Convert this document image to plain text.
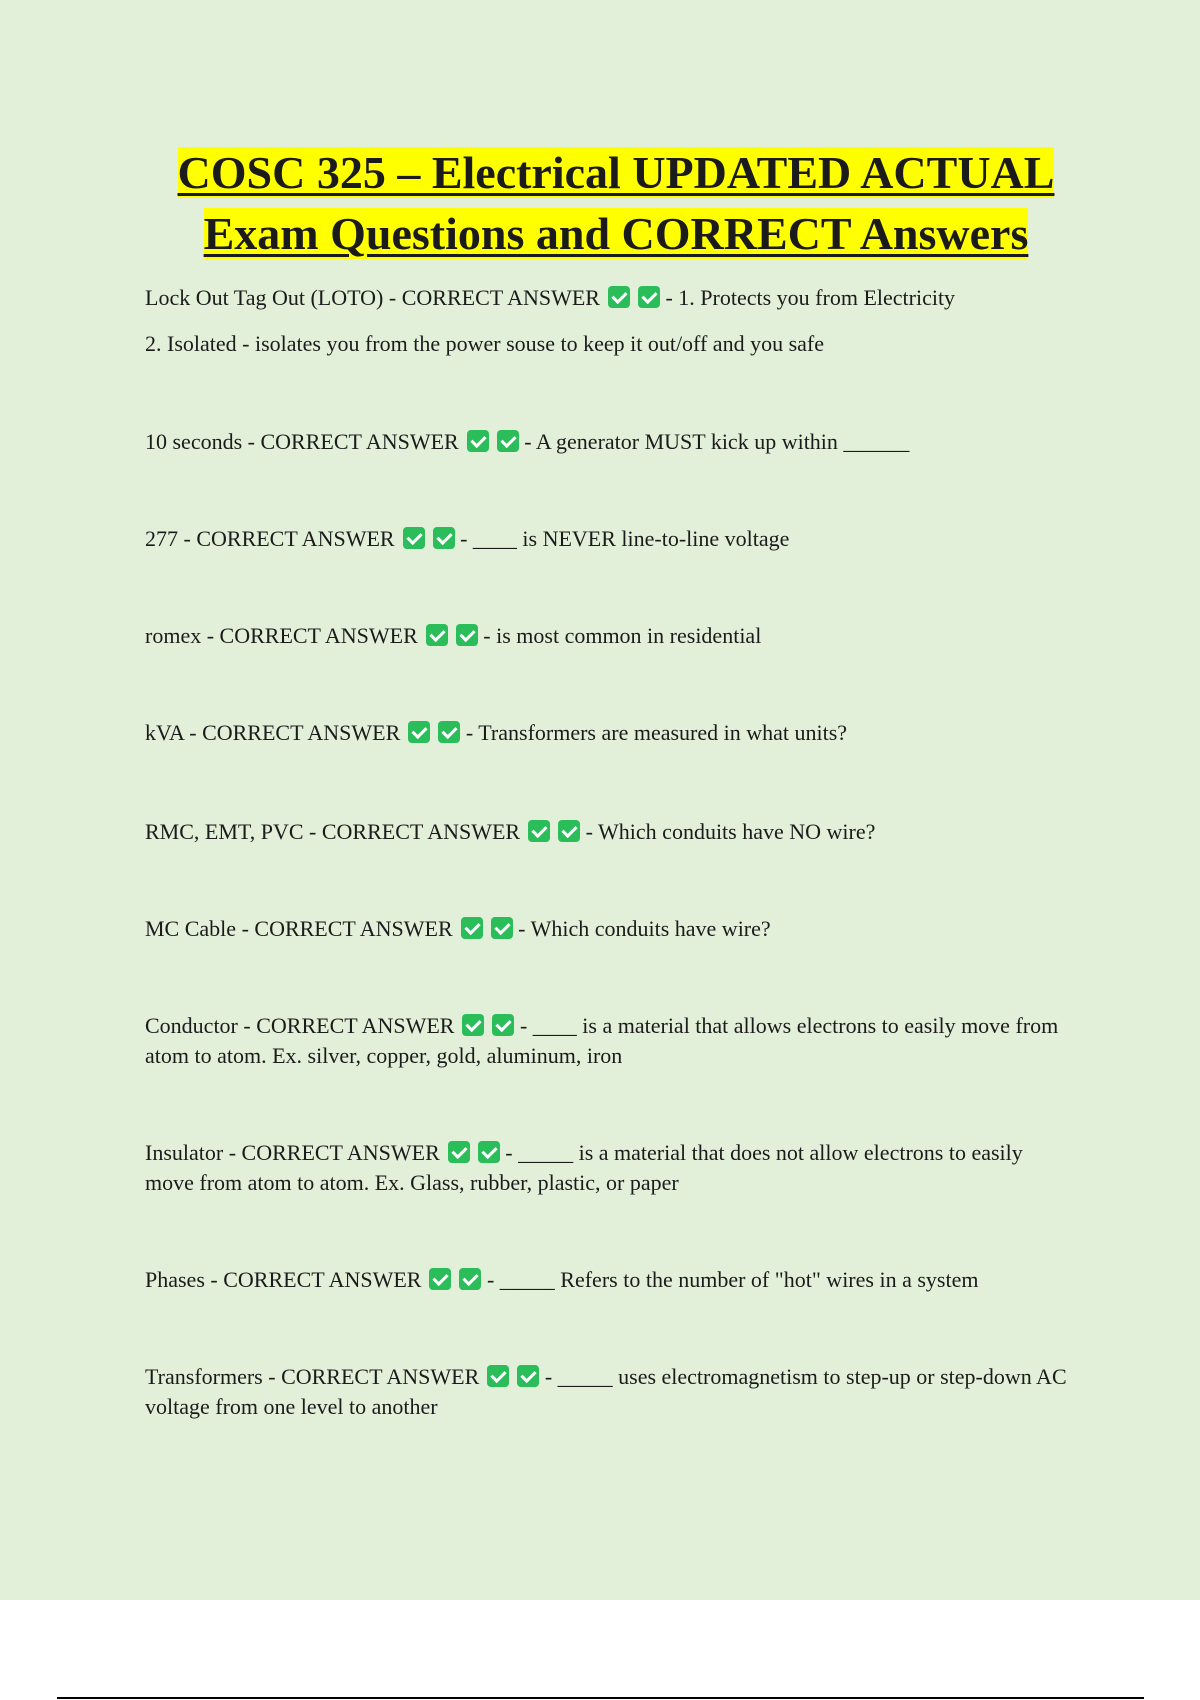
COSC 325 – Electrical UPDATED ACTUAL
Exam Questions and CORRECT Answers

Lock Out Tag Out (LOTO) - CORRECT ANSWER	- 1. Protects you from Electricity
2. Isolated - isolates you from the power souse to keep it out/off and you safe

10 seconds - CORRECT ANSWER	- A generator MUST kick up within ______

277 - CORRECT ANSWER	- ____ is NEVER line-to-line voltage

romex - CORRECT ANSWER	- is most common in residential

kVA - CORRECT ANSWER	- Transformers are measured in what units?

RMC, EMT, PVC - CORRECT ANSWER	- Which conduits have NO wire?

MC Cable - CORRECT ANSWER	- Which conduits have wire?

Conductor - CORRECT ANSWER	- ____ is a material that allows electrons to easily move from atom to atom. Ex. silver, copper, gold, aluminum, iron

Insulator - CORRECT ANSWER	- _____ is a material that does not allow electrons to easily move from atom to atom. Ex. Glass, rubber, plastic, or paper

Phases - CORRECT ANSWER	- _____ Refers to the number of "hot" wires in a system

Transformers - CORRECT ANSWER	- _____ uses electromagnetism to step-up or step-down AC voltage from one level to another
